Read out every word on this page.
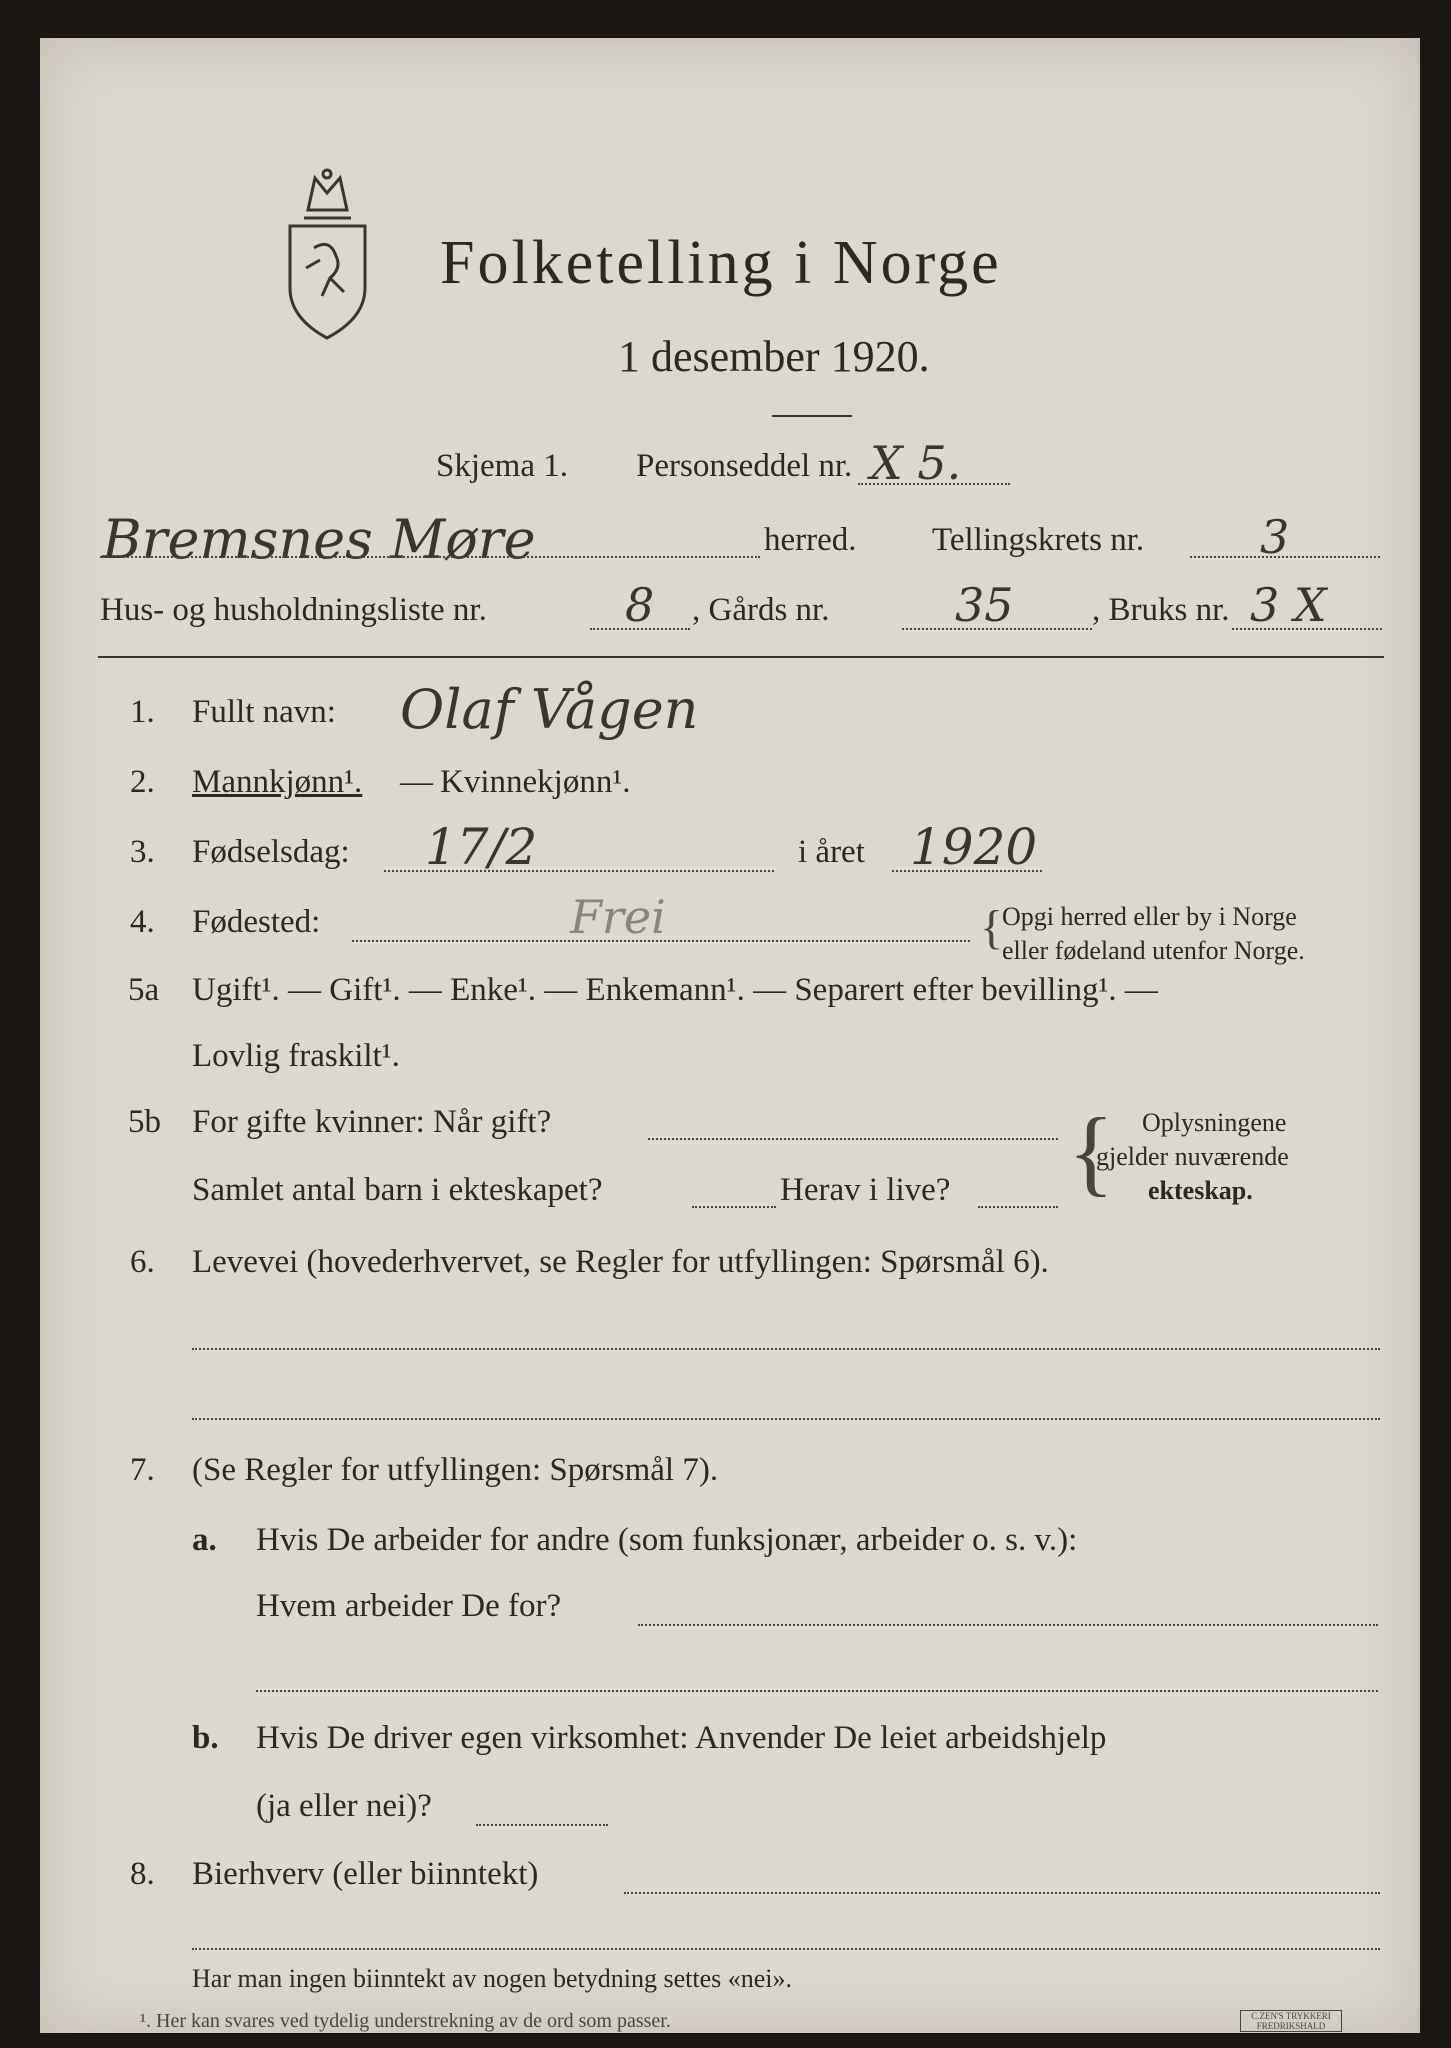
Folketelling i Norge
1 desember 1920.
Skjema 1. Personseddel nr. X 5.
Bremsnes Møre	herred. Tellingskrets nr.	3
Hus- og husholdningsliste nr.	8 , Gårds nr.	35 , Bruks nr. 3 X
1. Fullt navn: Olaf Vågen
2. Mannkjønn¹. — Kvinnekjønn¹.
3. Fødselsdag: 17/2	i året 1920
4. Fødested:	Frei	{
Opgi herred eller by i Norge
eller fødeland utenfor Norge.
5a Ugift¹. — Gift¹. — Enke¹. — Enkemann¹. — Separert efter bevilling¹. —
Lovlig fraskilt¹.
5b For gifte kvinner: Når gift?
Samlet antal barn i ekteskapet?	Herav i live? { Oplysningene
gjelder nuværende
ekteskap.
6. Levevei (hovederhvervet, se Regler for utfyllingen: Spørsmål 6).
7. (Se Regler for utfyllingen: Spørsmål 7).
a. Hvis De arbeider for andre (som funksjonær, arbeider o. s. v.):
Hvem arbeider De for?
b. Hvis De driver egen virksomhet: Anvender De leiet arbeidshjelp
(ja eller nei)?
8. Bierhverv (eller biinntekt)
Har man ingen biinntekt av nogen betydning settes «nei».
¹. Her kan svares ved tydelig understrekning av de ord som passer.	C.ZEN'S TRYKKERI FREDRIKSHALD
